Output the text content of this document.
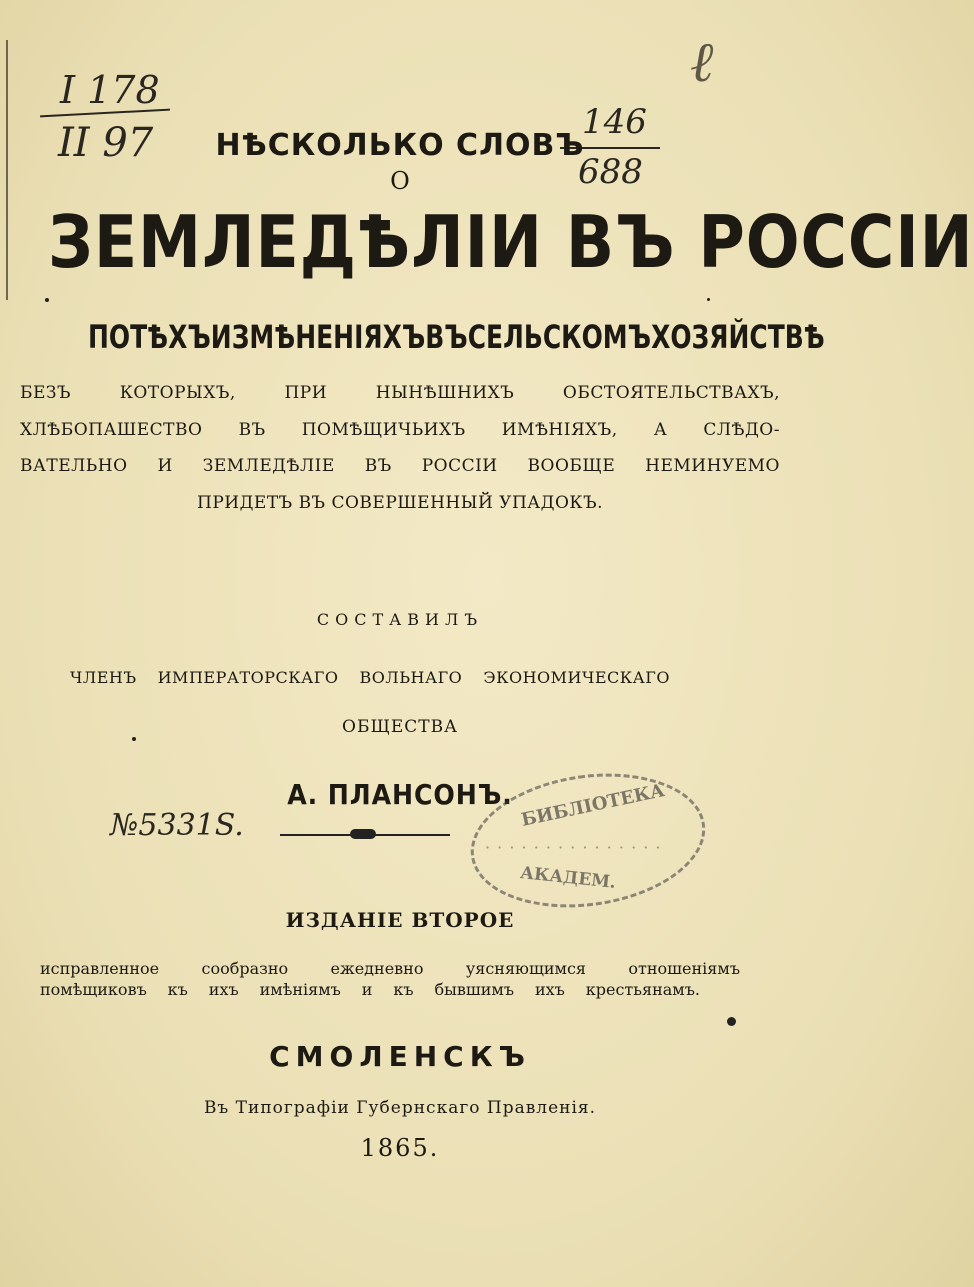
I 178
II 97	146
688
ℓ
НѢСКОЛЬКО СЛОВЪ
О
ЗЕМЛЕДѢЛІИ ВЪ РОССІИ
ПОТѢХЪИЗМѢНЕНІЯХЪВЪСЕЛЬСКОМЪХОЗЯЙСТВѢ
БЕЗЪ КОТОРЫХЪ, ПРИ НЫНѢШНИХЪ ОБСТОЯТЕЛЬСТВАХЪ,
ХЛѢБОПАШЕСТВО ВЪ ПОМѢЩИЧЬИХЪ ИМѢНІЯХЪ, А СЛѢДО-
ВАТЕЛЬНО И ЗЕМЛЕДѢЛІЕ ВЪ РОССІИ ВООБЩЕ НЕМИНУЕМО
ПРИДЕТЪ ВЪ СОВЕРШЕННЫЙ УПАДОКЪ.
СОСТАВИЛЪ
ЧЛЕНЪ ИМПЕРАТОРСКАГО ВОЛЬНАГО ЭКОНОМИЧЕСКАГО
ОБЩЕСТВА
А. ПЛАНСОНЪ.
№5331S.	БИБЛІОТЕКА
· · · · · · · · · · · · · · ·
АКАДЕМ.
ИЗДАНІЕ ВТОРОЕ
исправленное сообразно ежедневно уясняющимся отношеніямъ
помѣщиковъ къ ихъ имѣніямъ и къ бывшимъ ихъ крестьянамъ.
СМОЛЕНСКЪ
Въ Типографіи Губернскаго Правленія.
1865.
